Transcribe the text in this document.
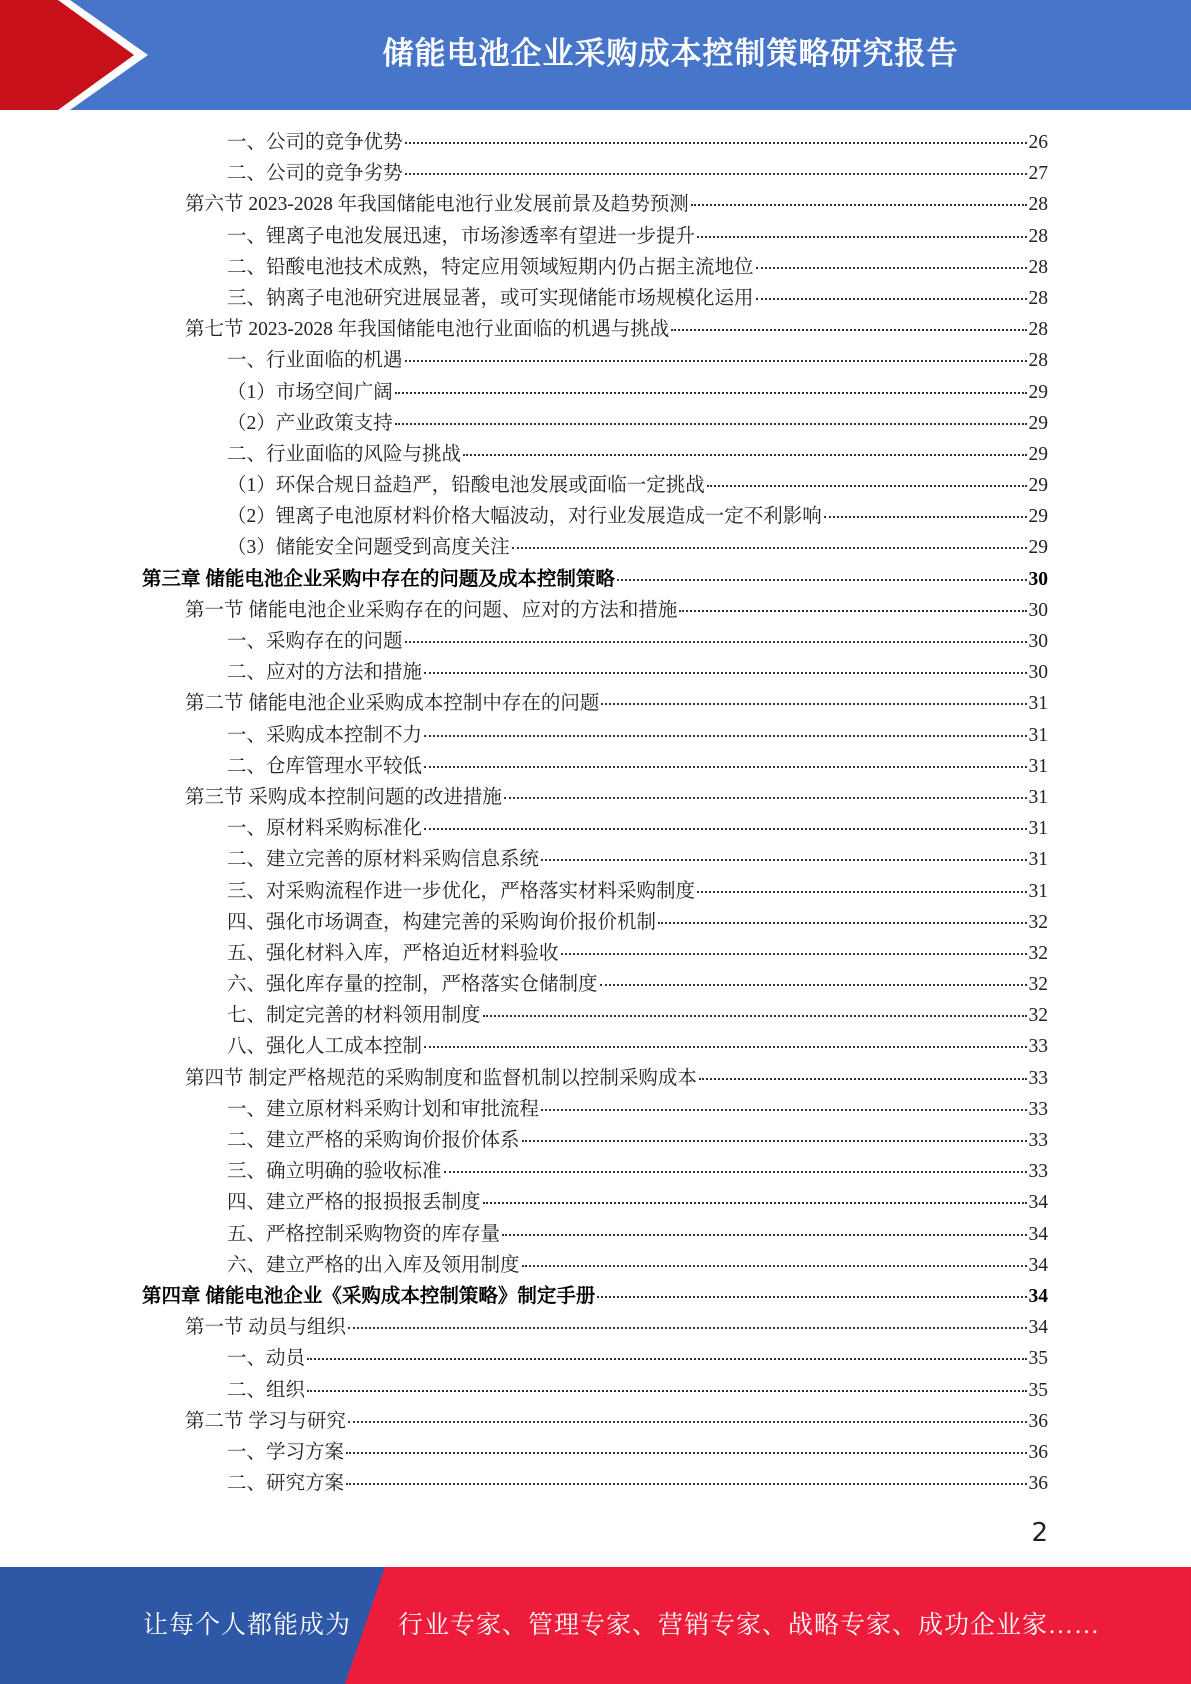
储能电池企业采购成本控制策略研究报告
一、公司的竞争优势	26
二、公司的竞争劣势	27
第六节 2023-2028 年我国储能电池行业发展前景及趋势预测	28
一、锂离子电池发展迅速，市场渗透率有望进一步提升	28
二、铅酸电池技术成熟，特定应用领域短期内仍占据主流地位	28
三、钠离子电池研究进展显著，或可实现储能市场规模化运用	28
第七节 2023-2028 年我国储能电池行业面临的机遇与挑战	28
一、行业面临的机遇	28
（1）市场空间广阔	29
（2）产业政策支持	29
二、行业面临的风险与挑战	29
（1）环保合规日益趋严，铅酸电池发展或面临一定挑战	29
（2）锂离子电池原材料价格大幅波动，对行业发展造成一定不利影响	29
（3）储能安全问题受到高度关注	29
第三章 储能电池企业采购中存在的问题及成本控制策略	30
第一节 储能电池企业采购存在的问题、应对的方法和措施	30
一、采购存在的问题	30
二、应对的方法和措施	30
第二节 储能电池企业采购成本控制中存在的问题	31
一、采购成本控制不力	31
二、仓库管理水平较低	31
第三节 采购成本控制问题的改进措施	31
一、原材料采购标准化	31
二、建立完善的原材料采购信息系统	31
三、对采购流程作进一步优化，严格落实材料采购制度	31
四、强化市场调查，构建完善的采购询价报价机制	32
五、强化材料入库，严格迫近材料验收	32
六、强化库存量的控制，严格落实仓储制度	32
七、制定完善的材料领用制度	32
八、强化人工成本控制	33
第四节 制定严格规范的采购制度和监督机制以控制采购成本	33
一、建立原材料采购计划和审批流程	33
二、建立严格的采购询价报价体系	33
三、确立明确的验收标准	33
四、建立严格的报损报丢制度	34
五、严格控制采购物资的库存量	34
六、建立严格的出入库及领用制度	34
第四章 储能电池企业《采购成本控制策略》制定手册	34
第一节 动员与组织	34
一、动员	35
二、组织	35
第二节 学习与研究	36
一、学习方案	36
二、研究方案	36
2
让每个人都能成为 行业专家、管理专家、营销专家、战略专家、成功企业家……
